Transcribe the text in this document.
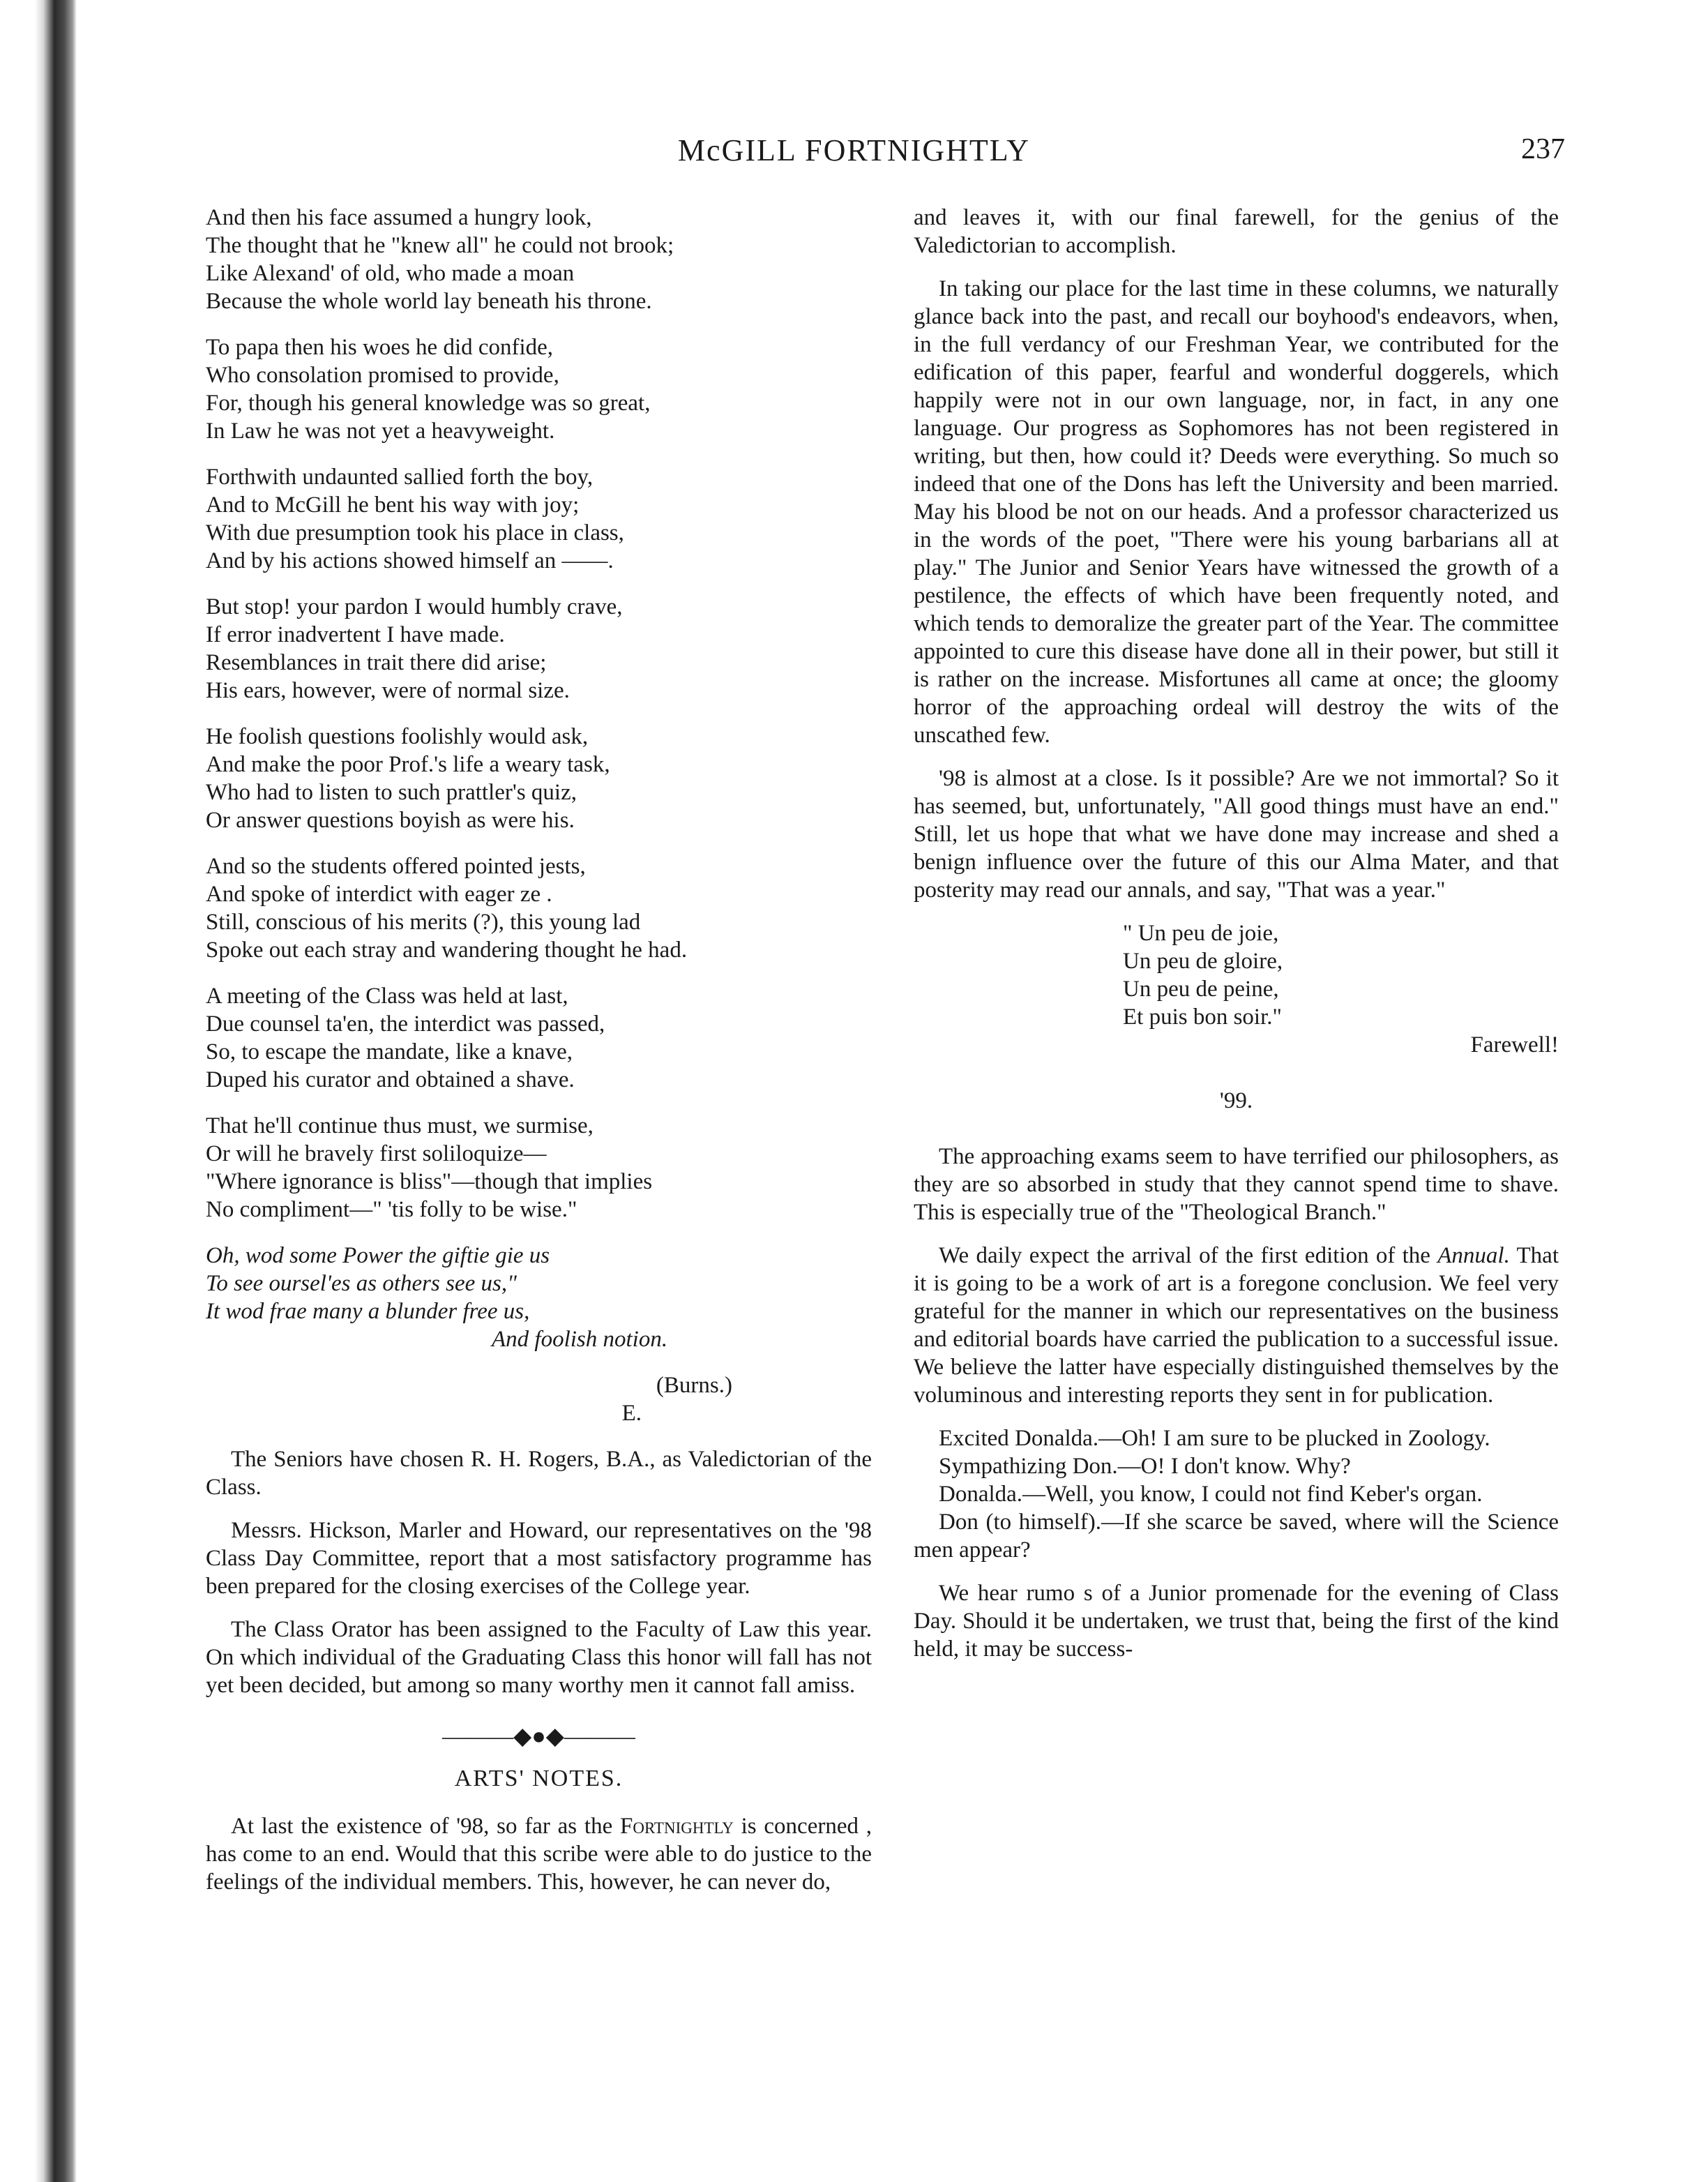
McGILL FORTNIGHTLY	237
And then his face assumed a hungry look,
The thought that he "knew all" he could not brook;
Like Alexand' of old, who made a moan
Because the whole world lay beneath his throne.
To papa then his woes he did confide,
Who consolation promised to provide,
For, though his general knowledge was so great,
In Law he was not yet a heavyweight.
Forthwith undaunted sallied forth the boy,
And to McGill he bent his way with joy;
With due presumption took his place in class,
And by his actions showed himself an ——.
But stop! your pardon I would humbly crave,
If error inadvertent I have made.
Resemblances in trait there did arise;
His ears, however, were of normal size.
He foolish questions foolishly would ask,
And make the poor Prof.'s life a weary task,
Who had to listen to such prattler's quiz,
Or answer questions boyish as were his.
And so the students offered pointed jests,
And spoke of interdict with eager ze .
Still, conscious of his merits (?), this young lad
Spoke out each stray and wandering thought he had.
A meeting of the Class was held at last,
Due counsel ta'en, the interdict was passed,
So, to escape the mandate, like a knave,
Duped his curator and obtained a shave.
That he'll continue thus must, we surmise,
Or will he bravely first soliloquize—
"Where ignorance is bliss"—though that implies
No compliment—" 'tis folly to be wise."
Oh, wod some Power the giftie gie us
To see oursel'es as others see us,"
It wod frae many a blunder free us,
And foolish notion.
(Burns.)
E.

The Seniors have chosen R. H. Rogers, B.A., as Valedictorian of the Class.

Messrs. Hickson, Marler and Howard, our representatives on the '98 Class Day Committee, report that a most satisfactory programme has been prepared for the closing exercises of the College year.

The Class Orator has been assigned to the Faculty of Law this year. On which individual of the Graduating Class this honor will fall has not yet been decided, but among so many worthy men it cannot fall amiss.

———◆●◆———
ARTS' NOTES.

At last the existence of '98, so far as the Fortnightly is concerned , has come to an end. Would that this scribe were able to do justice to the feelings of the individual members. This, however, he can never do,

and leaves it, with our final farewell, for the genius of the Valedictorian to accomplish.

In taking our place for the last time in these columns, we naturally glance back into the past, and recall our boyhood's endeavors, when, in the full verdancy of our Freshman Year, we contributed for the edification of this paper, fearful and wonderful doggerels, which happily were not in our own language, nor, in fact, in any one language. Our progress as Sophomores has not been registered in writing, but then, how could it? Deeds were everything. So much so indeed that one of the Dons has left the University and been married. May his blood be not on our heads. And a professor characterized us in the words of the poet, "There were his young barbarians all at play." The Junior and Senior Years have witnessed the growth of a pestilence, the effects of which have been frequently noted, and which tends to demoralize the greater part of the Year. The committee appointed to cure this disease have done all in their power, but still it is rather on the increase. Misfortunes all came at once; the gloomy horror of the approaching ordeal will destroy the wits of the unscathed few.

'98 is almost at a close. Is it possible? Are we not immortal? So it has seemed, but, unfortunately, "All good things must have an end." Still, let us hope that what we have done may increase and shed a benign influence over the future of this our Alma Mater, and that posterity may read our annals, and say, "That was a year."

" Un peu de joie,
Un peu de gloire,
Un peu de peine,
Et puis bon soir."
Farewell!
'99.

The approaching exams seem to have terrified our philosophers, as they are so absorbed in study that they cannot spend time to shave. This is especially true of the "Theological Branch."

We daily expect the arrival of the first edition of the Annual. That it is going to be a work of art is a foregone conclusion. We feel very grateful for the manner in which our representatives on the business and editorial boards have carried the publication to a successful issue. We believe the latter have especially distinguished themselves by the voluminous and interesting reports they sent in for publication.

Excited Donalda.—Oh! I am sure to be plucked in Zoology.

Sympathizing Don.—O! I don't know. Why?

Donalda.—Well, you know, I could not find Keber's organ.

Don (to himself).—If she scarce be saved, where will the Science men appear?

We hear rumo s of a Junior promenade for the evening of Class Day. Should it be undertaken, we trust that, being the first of the kind held, it may be success-
